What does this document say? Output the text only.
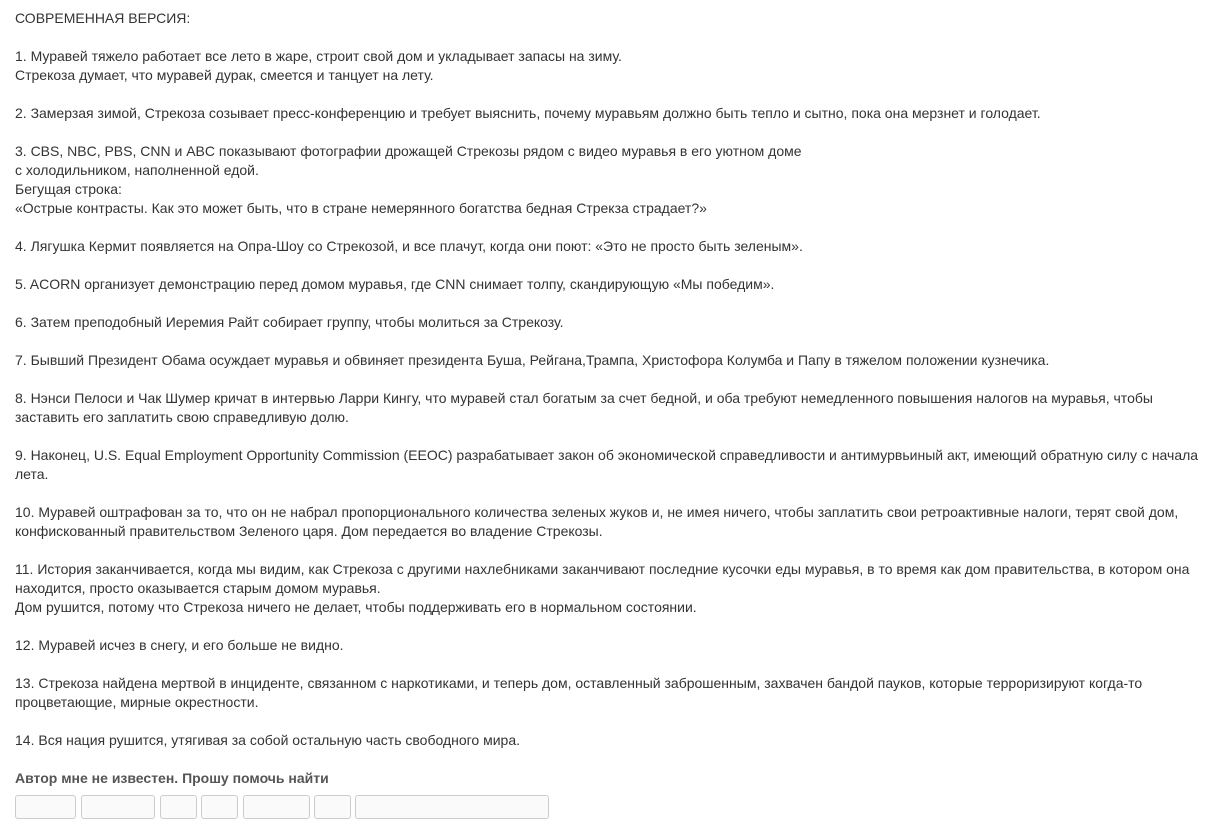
СОВРЕМЕННАЯ ВЕРСИЯ:

1. Муравей тяжело работает все лето в жаре, строит свой дом и укладывает запасы на зиму.

Стрекоза думает, что муравей дурак, смеется и танцует на лету.

2. Замерзая зимой, Стрекоза созывает пресс-конференцию и требует выяснить, почему муравьям должно быть тепло и сытно, пока она мерзнет и голодает.

3. CBS, NBC, PBS, CNN и ABC показывают фотографии дрожащей Стрекозы рядом с видео муравья в его уютном доме

с холодильником, наполненной едой.

Бегущая строка:

«Острые контрасты. Как это может быть, что в стране немерянного богатства бедная Стрекза страдает?»

4. Лягушка Кермит появляется на Опра-Шоу со Стрекозой, и все плачут, когда они поют: «Это не просто быть зеленым».

5. ACORN организует демонстрацию перед домом муравья, где CNN снимает толпу, скандирующую «Мы победим».

6. Затем преподобный Иеремия Райт собирает группу, чтобы молиться за Стрекозу.

7. Бывший Президент Обама осуждает муравья и обвиняет президента Буша, Рейгана,Трампа, Христофора Колумба и Папу в тяжелом положении кузнечика.

8. Нэнси Пелоси и Чак Шумер кричат в интервью Ларри Кингу, что муравей стал богатым за счет бедной, и оба требуют немедленного повышения налогов на муравья, чтобы

заставить его заплатить свою справедливую долю.

9. Наконец, U.S. Equal Employment Opportunity Commission (EEOC) разрабатывает закон об экономической справедливости и антимурвьиный акт, имеющий обратную силу с начала

лета.

10. Муравей оштрафован за то, что он не набрал пропорционального количества зеленых жуков и, не имея ничего, чтобы заплатить свои ретроактивные налоги, терят свой дом,

конфискованный правительством Зеленого царя. Дом передается во владение Стрекозы.

11. История заканчивается, когда мы видим, как Стрекоза с другими нахлебниками заканчивают последние кусочки еды муравья, в то время как дом правительства, в котором она

находится, просто оказывается старым домом муравья.

Дом рушится, потому что Стрекоза ничего не делает, чтобы поддерживать его в нормальном состоянии.

12. Муравей исчез в снегу, и его больше не видно.

13. Стрекоза найдена мертвой в инциденте, связанном с наркотиками, и теперь дом, оставленный заброшенным, захвачен бандой пауков, которые терроризируют когда-то

процветающие, мирные окрестности.

14. Вся нация рушится, утягивая за собой остальную часть свободного мира.

Автор мне не известен. Прошу помочь найти
